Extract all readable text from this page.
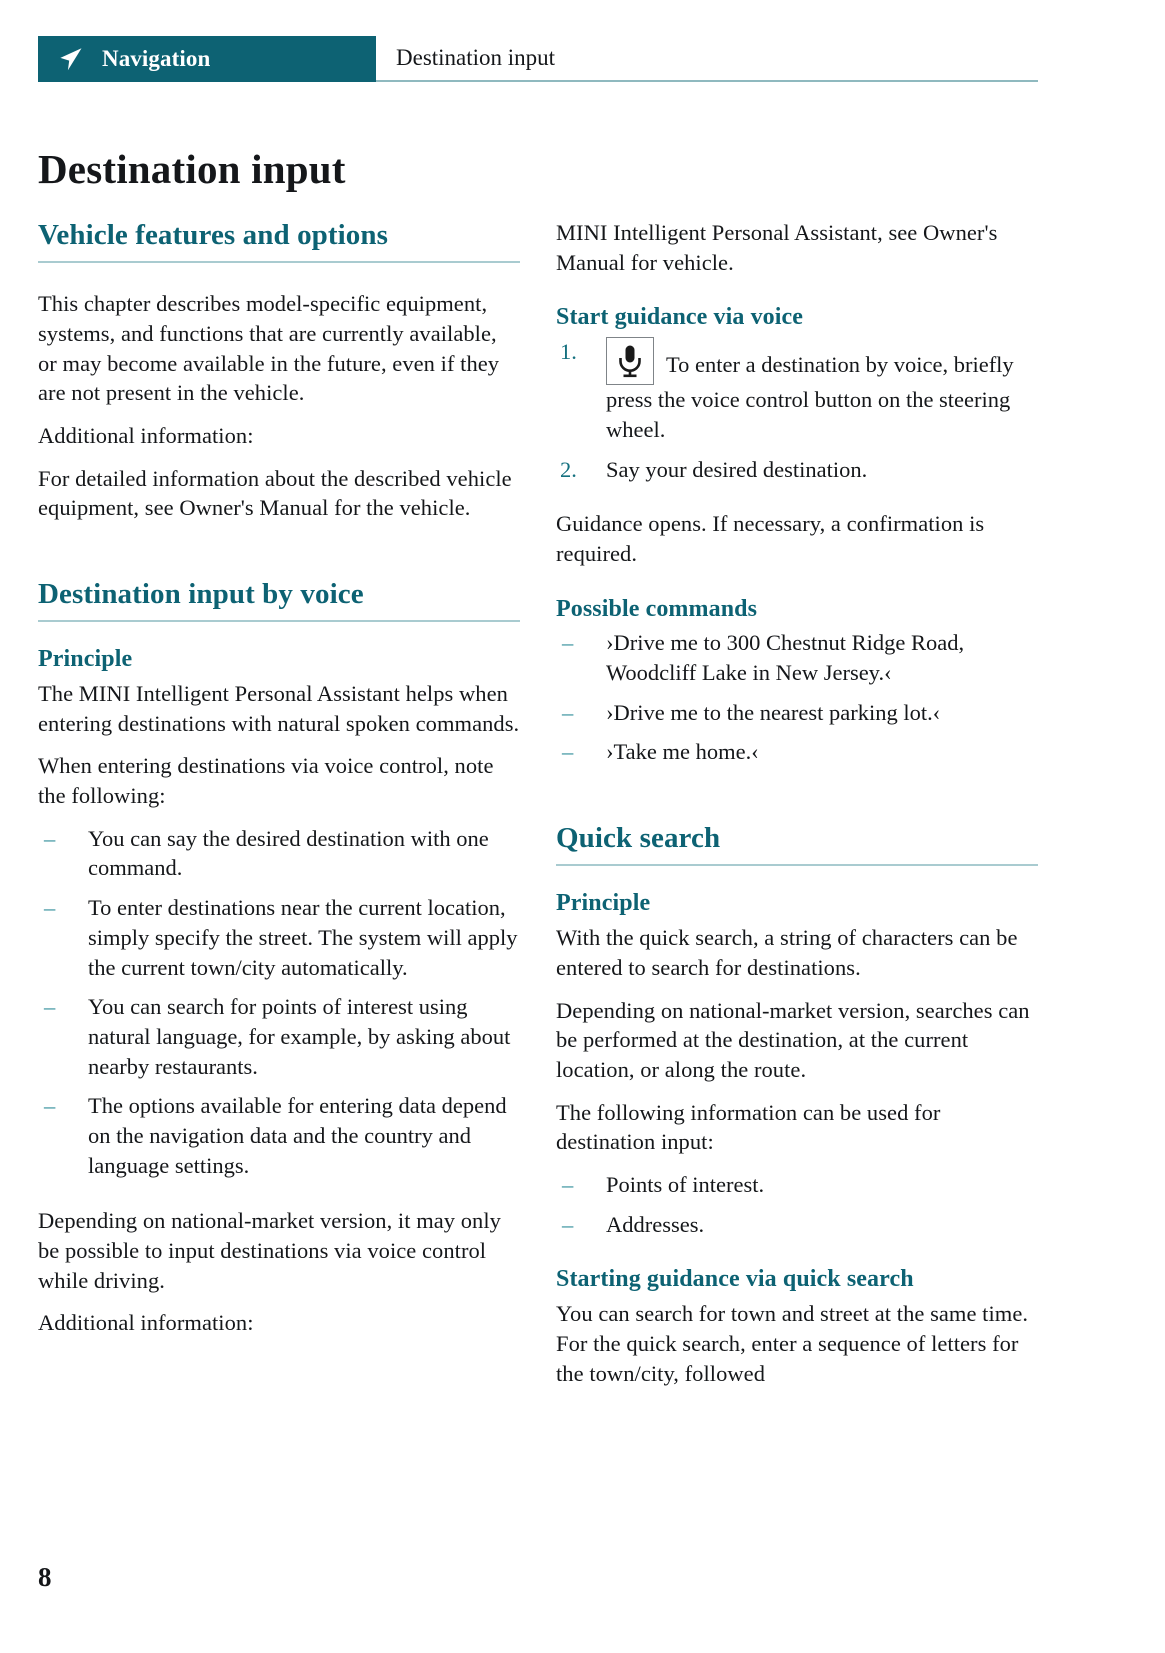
Navigation	Destination input
Destination input
Vehicle features and options

This chapter describes model-specific equipment, systems, and functions that are currently available, or may become available in the future, even if they are not present in the vehicle.

Additional information:

For detailed information about the described vehicle equipment, see Owner's Manual for the vehicle.

Destination input by voice
Principle

The MINI Intelligent Personal Assistant helps when entering destinations with natural spoken commands.

When entering destinations via voice control, note the following:

– You can say the desired destination with one command.
– To enter destinations near the current location, simply specify the street. The system will apply the current town/city automatically.
– You can search for points of interest using natural language, for example, by asking about nearby restaurants.
– The options available for entering data depend on the navigation data and the country and language settings.

Depending on national-market version, it may only be possible to input destinations via voice control while driving.

Additional information:

MINI Intelligent Personal Assistant, see Owner's Manual for vehicle.

Start guidance via voice
1.
To enter a destination by voice, briefly press the voice control button on the steering wheel.
2. Say your desired destination.

Guidance opens. If necessary, a confirmation is required.

Possible commands
– ›Drive me to 300 Chestnut Ridge Road, Woodcliff Lake in New Jersey.‹
– ›Drive me to the nearest parking lot.‹
– ›Take me home.‹
Quick search
Principle

With the quick search, a string of characters can be entered to search for destinations.

Depending on national-market version, searches can be performed at the destination, at the current location, or along the route.

The following information can be used for destination input:

– Points of interest.
– Addresses.
Starting guidance via quick search

You can search for town and street at the same time. For the quick search, enter a sequence of letters for the town/city, followed

8
